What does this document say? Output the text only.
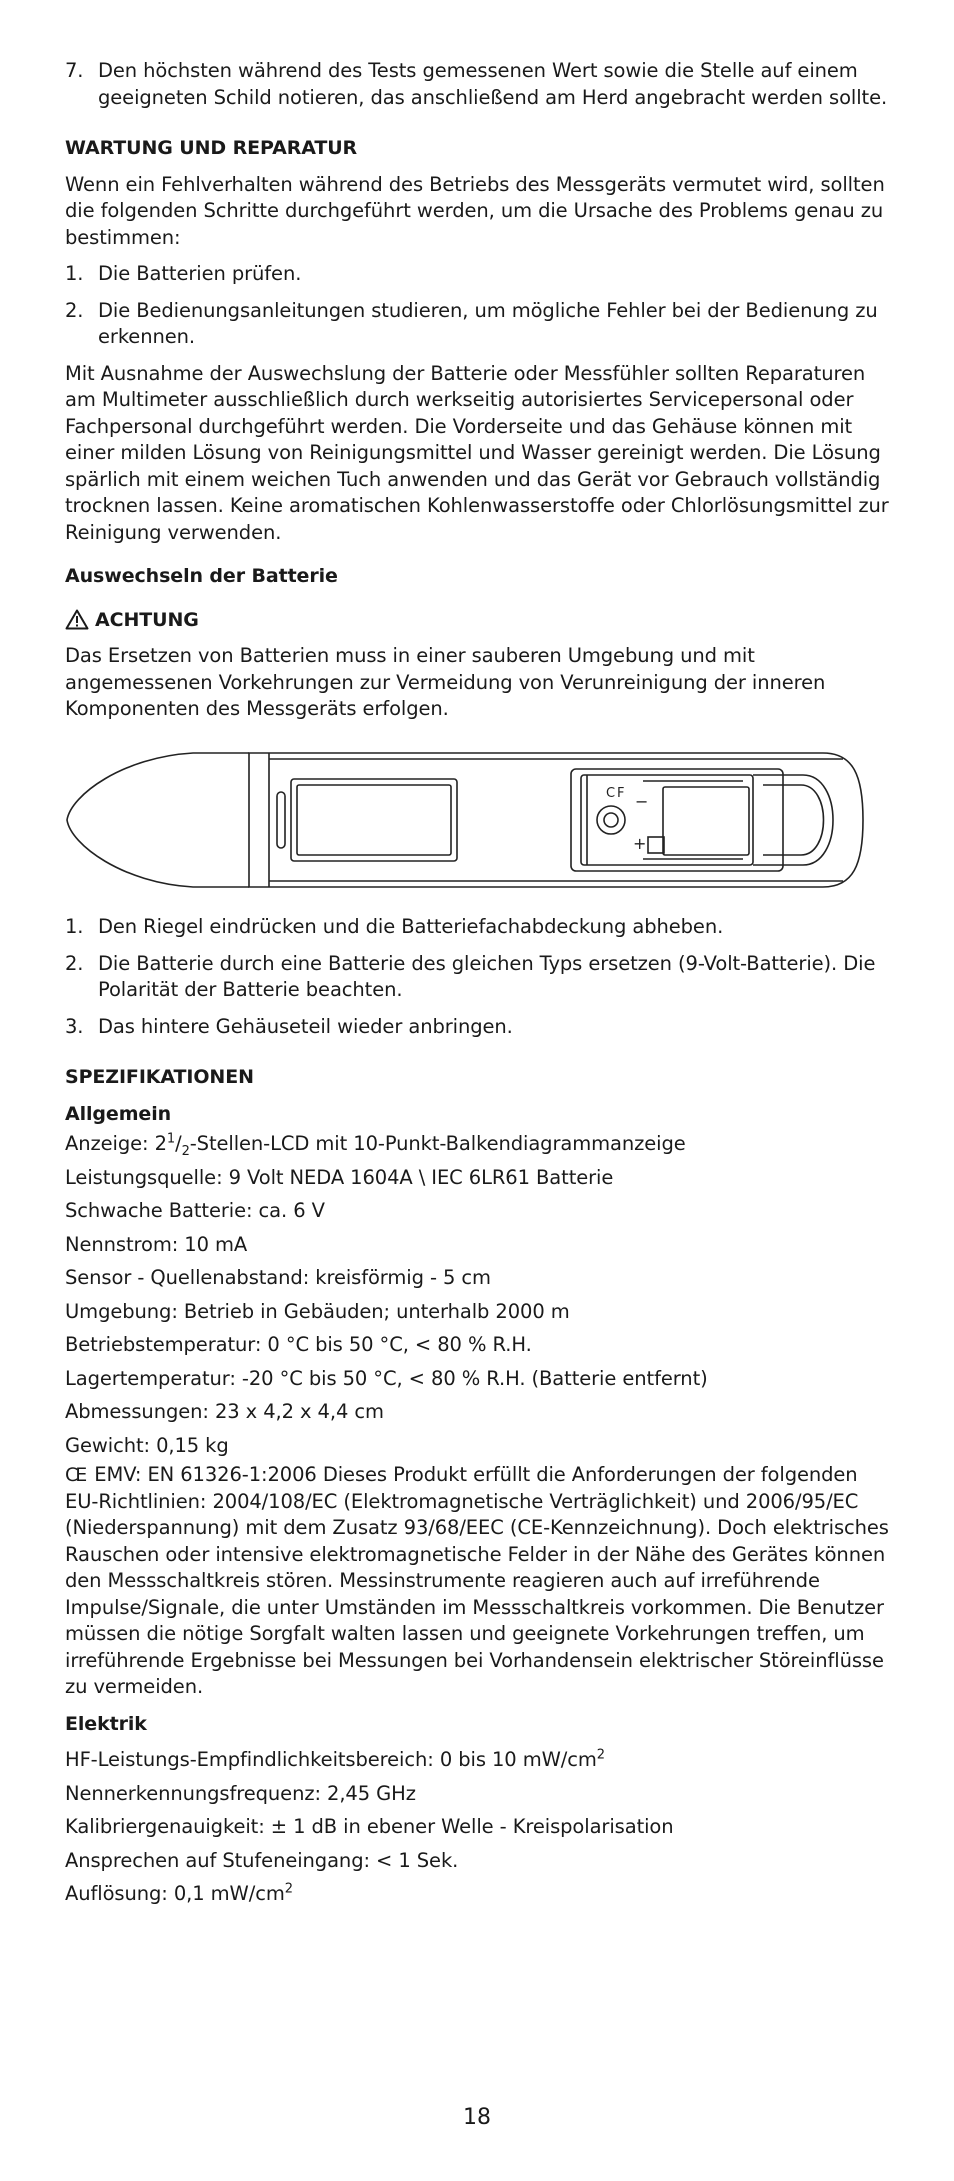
7. Den höchsten während des Tests gemessenen Wert sowie die Stelle auf einem geeigneten Schild notieren, das anschließend am Herd angebracht werden sollte.

WARTUNG UND REPARATUR

Wenn ein Fehlverhalten während des Betriebs des Messgeräts vermutet wird, sollten die folgenden Schritte durchgeführt werden, um die Ursache des Problems genau zu bestimmen:

1. Die Batterien prüfen.
2. Die Bedienungsanleitungen studieren, um mögliche Fehler bei der Bedienung zu erkennen.

Mit Ausnahme der Auswechslung der Batterie oder Messfühler sollten Reparaturen am Multimeter ausschließlich durch werkseitig autorisiertes Servicepersonal oder Fachpersonal durchgeführt werden. Die Vorderseite und das Gehäuse können mit einer milden Lösung von Reinigungsmittel und Wasser gereinigt werden. Die Lösung spärlich mit einem weichen Tuch anwenden und das Gerät vor Gebrauch vollständig trocknen lassen. Keine aromatischen Kohlenwasserstoffe oder Chlorlösungsmittel zur Reinigung verwenden.

Auswechseln der Batterie

ACHTUNG

Das Ersetzen von Batterien muss in einer sauberen Umgebung und mit angemessenen Vorkehrungen zur Vermeidung von Verunreinigung der inneren Komponenten des Messgeräts erfolgen.

C F −
+
1. Den Riegel eindrücken und die Batteriefachabdeckung abheben.
2. Die Batterie durch eine Batterie des gleichen Typs ersetzen (9-Volt-Batterie). Die Polarität der Batterie beachten.
3. Das hintere Gehäuseteil wieder anbringen.

SPEZIFIKATIONEN

Allgemein

Anzeige: $2^1/_2-Stellen$-LCD mit 10-Punkt-Balkendiagrammanzeige

Leistungsquelle: 9 Volt NEDA 1604A \ IEC 6LR61 Batterie

Schwache Batterie: ca. 6 V

Nennstrom: 10 mA

Sensor - Quellenabstand: kreisförmig - 5 cm

Umgebung: Betrieb in Gebäuden; unterhalb 2000 m

Betriebstemperatur: 0 °C bis 50 °C, < 80 % R.H.

Lagertemperatur: -20 °C bis 50 °C, < 80 % R.H. (Batterie entfernt)

Abmessungen: 23 x 4,2 x 4,4 cm

Gewicht: 0,15 kg

CE EMV: EN 61326-1:2006 Dieses Produkt erfüllt die Anforderungen der folgenden EU-Richtlinien: 2004/108/EC (Elektromagnetische Verträglichkeit) und 2006/95/EC (Niederspannung) mit dem Zusatz 93/68/EEC (CE-Kennzeichnung). Doch elektrisches Rauschen oder intensive elektromagnetische Felder in der Nähe des Gerätes können den Messschaltkreis stören. Messinstrumente reagieren auch auf irreführende Impulse/Signale, die unter Umständen im Messschaltkreis vorkommen. Die Benutzer müssen die nötige Sorgfalt walten lassen und geeignete Vorkehrungen treffen, um irreführende Ergebnisse bei Messungen bei Vorhandensein elektrischer Störeinflüsse zu vermeiden.

Elektrik

HF-Leistungs-Empfindlichkeitsbereich: 0 bis 10 $mW/cm^2$

Nennerkennungsfrequenz: 2,45 GHz

Kalibriergenauigkeit: ± 1 dB in ebener Welle - Kreispolarisation

Ansprechen auf Stufeneingang: < 1 Sek.

Auflösung: 0,1 $mW/cm^2$

18
